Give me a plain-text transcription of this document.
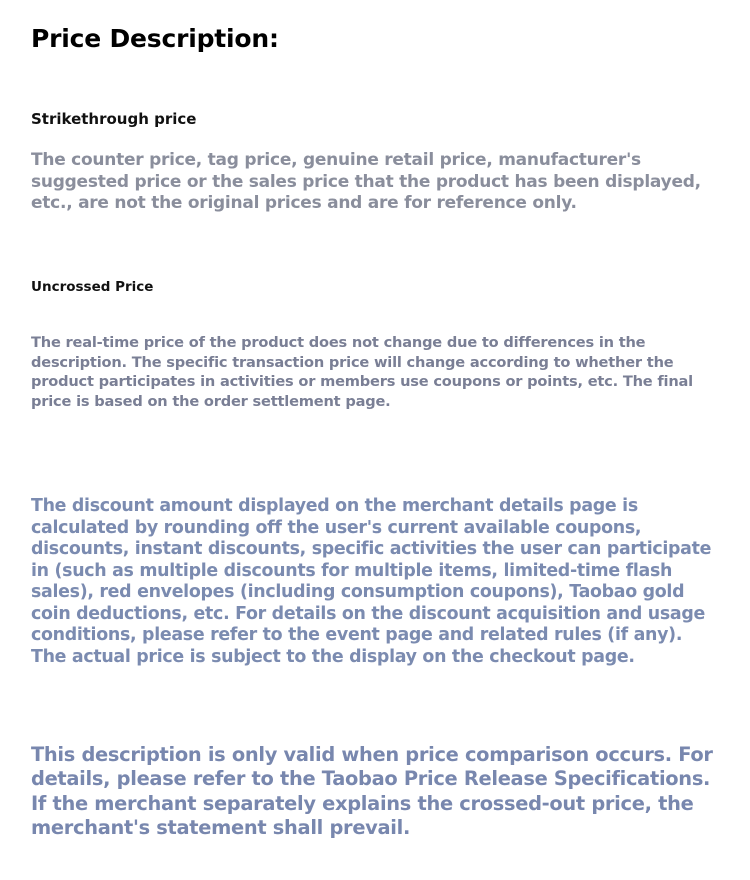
Price Description:
Strikethrough price

The counter price, tag price, genuine retail price, manufacturer's suggested price or the sales price that the product has been displayed, etc., are not the original prices and are for reference only.

Uncrossed Price

The real-time price of the product does not change due to differences in the description. The specific transaction price will change according to whether the product participates in activities or members use coupons or points, etc. The final price is based on the order settlement page.

The discount amount displayed on the merchant details page is calculated by rounding off the user's current available coupons, discounts, instant discounts, specific activities the user can participate in (such as multiple discounts for multiple items, limited-time flash sales), red envelopes (including consumption coupons), Taobao gold coin deductions, etc. For details on the discount acquisition and usage conditions, please refer to the event page and related rules (if any). The actual price is subject to the display on the checkout page.

This description is only valid when price comparison occurs. For details, please refer to the Taobao Price Release Specifications. If the merchant separately explains the crossed-out price, the merchant's statement shall prevail.
